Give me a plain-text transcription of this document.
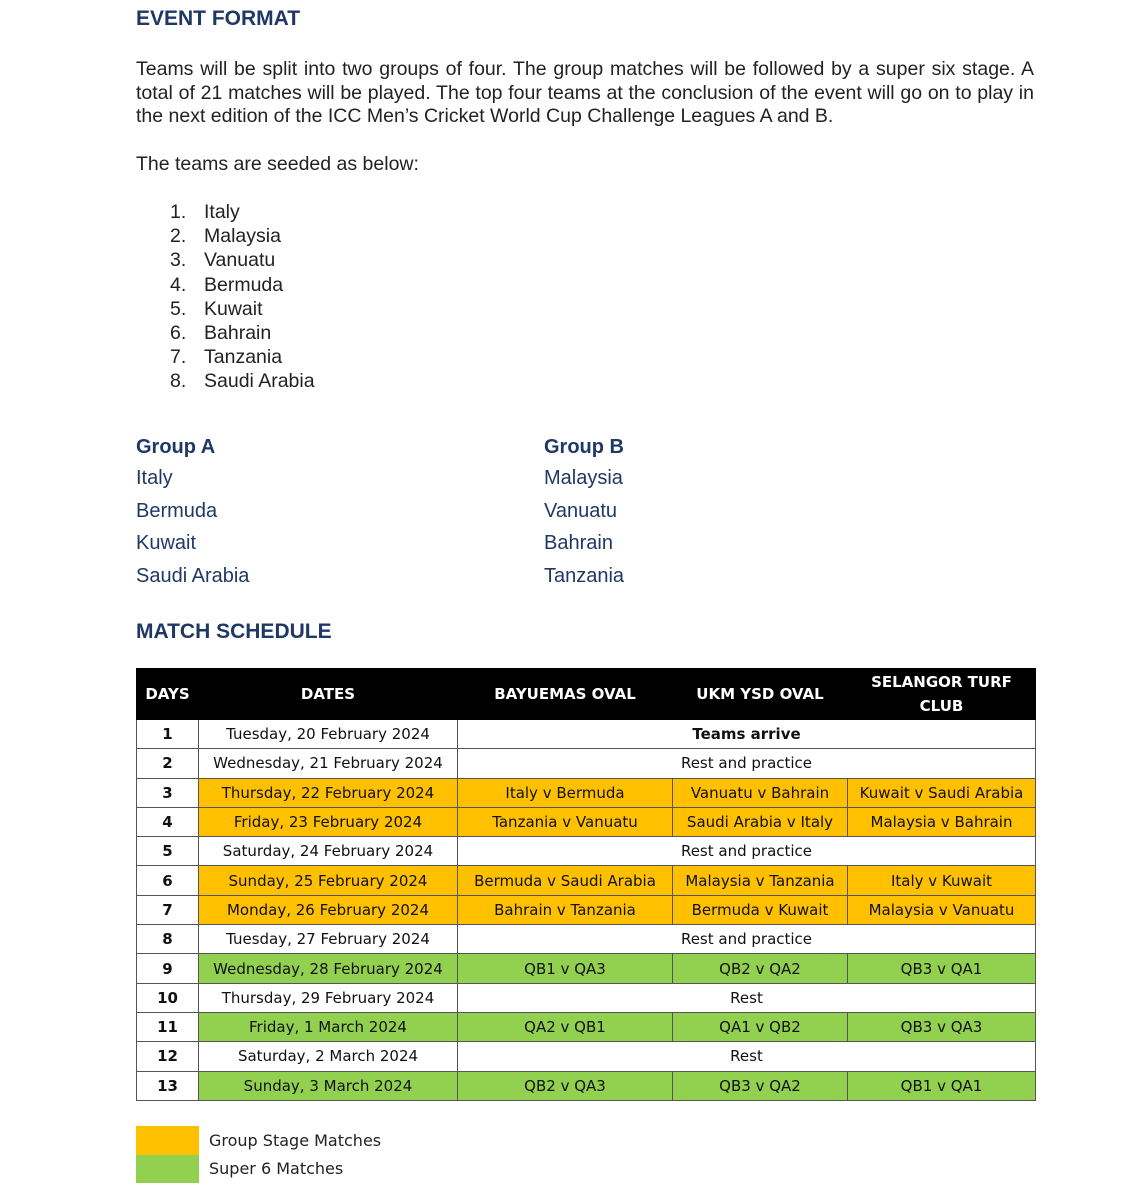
EVENT FORMAT

Teams will be split into two groups of four. The group matches will be followed by a super six stage. A total of 21 matches will be played. The top four teams at the conclusion of the event will go on to play in the next edition of the ICC Men’s Cricket World Cup Challenge Leagues A and B.

The teams are seeded as below:

1. Italy
2. Malaysia
3. Vanuatu
4. Bermuda
5. Kuwait
6. Bahrain
7. Tanzania
8. Saudi Arabia
Group A
Italy
Bermuda
Kuwait
Saudi Arabia
Group B
Malaysia
Vanuatu
Bahrain
Tanzania
MATCH SCHEDULE
DAYS	DATES	BAYUEMAS OVAL	UKM YSD OVAL	SELANGOR TURF CLUB
1	Tuesday, 20 February 2024	Teams arrive		
2	Wednesday, 21 February 2024	Rest and practice		
3	Thursday, 22 February 2024	Italy v Bermuda	Vanuatu v Bahrain	Kuwait v Saudi Arabia
4	Friday, 23 February 2024	Tanzania v Vanuatu	Saudi Arabia v Italy	Malaysia v Bahrain
5	Saturday, 24 February 2024	Rest and practice		
6	Sunday, 25 February 2024	Bermuda v Saudi Arabia	Malaysia v Tanzania	Italy v Kuwait
7	Monday, 26 February 2024	Bahrain v Tanzania	Bermuda v Kuwait	Malaysia v Vanuatu
8	Tuesday, 27 February 2024	Rest and practice		
9	Wednesday, 28 February 2024	QB1 v QA3	QB2 v QA2	QB3 v QA1
10	Thursday, 29 February 2024	Rest		
11	Friday, 1 March 2024	QA2 v QB1	QA1 v QB2	QB3 v QA3
12	Saturday, 2 March 2024	Rest		
13	Sunday, 3 March 2024	QB2 v QA3	QB3 v QA2	QB1 v QA1
Group Stage Matches
Super 6 Matches
